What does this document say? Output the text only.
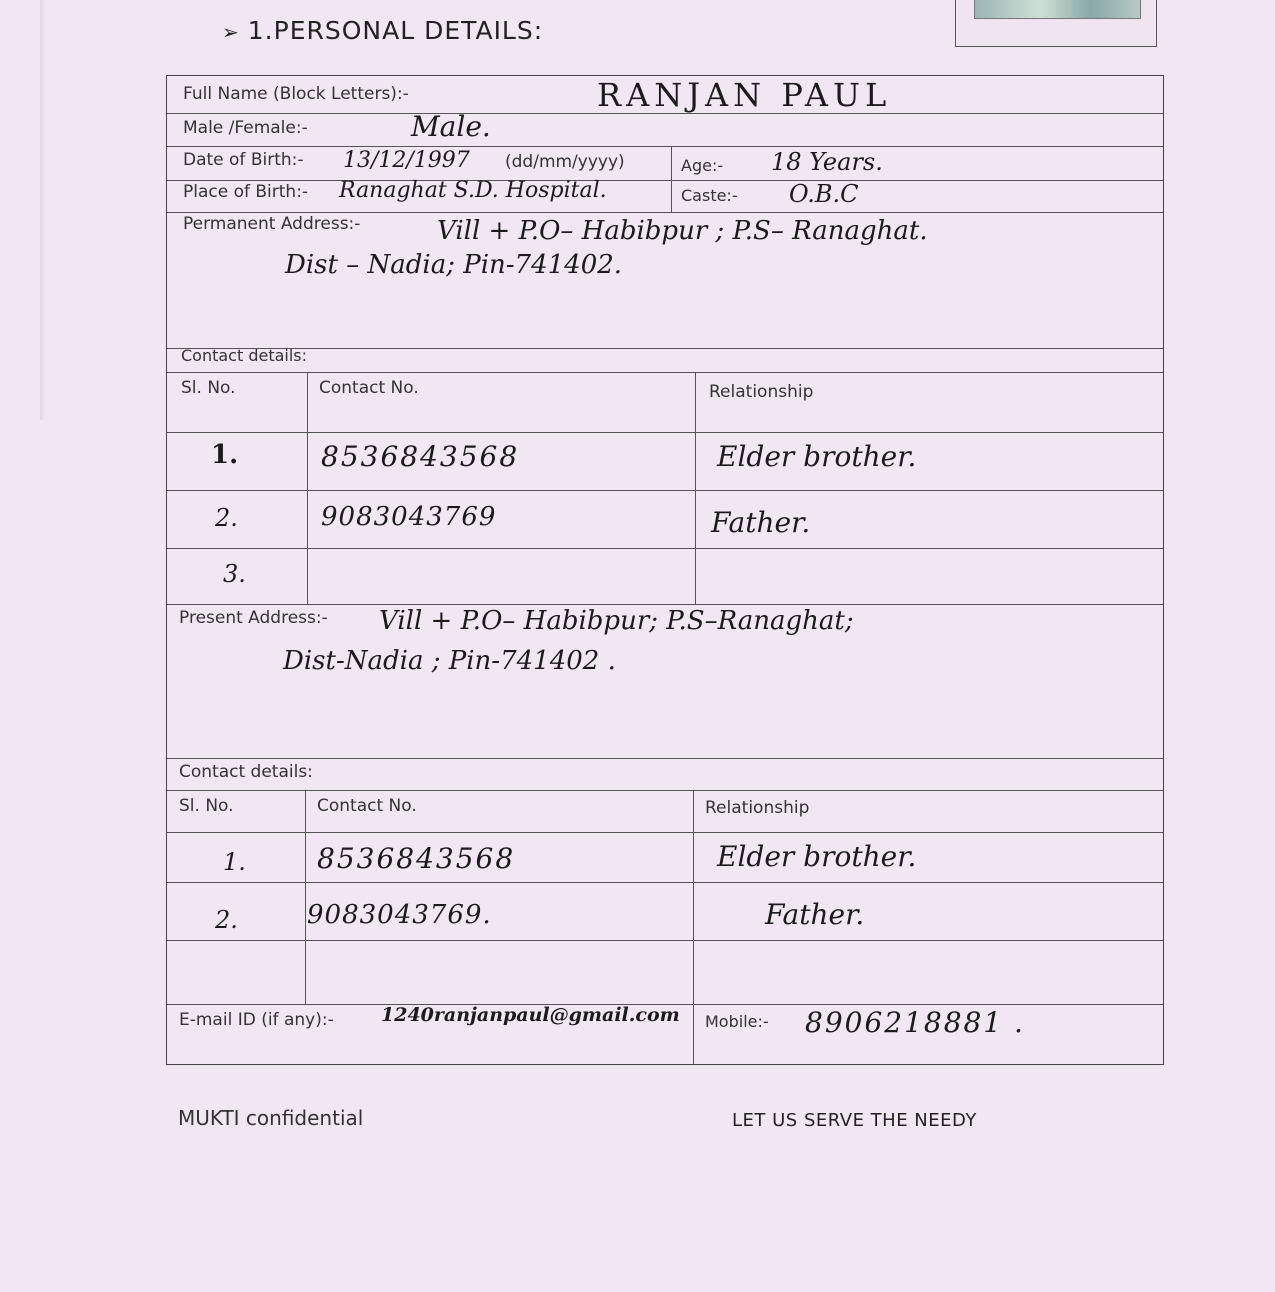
➢ 1.PERSONAL DETAILS:
Full Name (Block Letters):-	RANJAN PAUL
Male /Female:-	Male.
Date of Birth:- 13/12/1997 (dd/mm/yyyy)	Age:- 18 Years.
Place of Birth:- Ranaghat S.D. Hospital.	Caste:- O.B.C
Permanent Address:-	Vill + P.O– Habibpur ; P.S– Ranaghat.
Dist – Nadia; Pin-741402.
Contact details:
Sl. No.	Contact No.	Relationship
1.	8536843568	Elder brother.
2.	9083043769	Father.
3.
Present Address:- Vill + P.O– Habibpur; P.S–Ranaghat;
Dist-Nadia ; Pin-741402 .
Contact details:
Sl. No.	Contact No.	Relationship
1.	8536843568	Elder brother.
2.	9083043769.	Father.
E-mail ID (if any):- 1240ranjanpaul@gmail.com Mobile:- 8906218881 .
MUKTI confidential	LET US SERVE THE NEEDY
